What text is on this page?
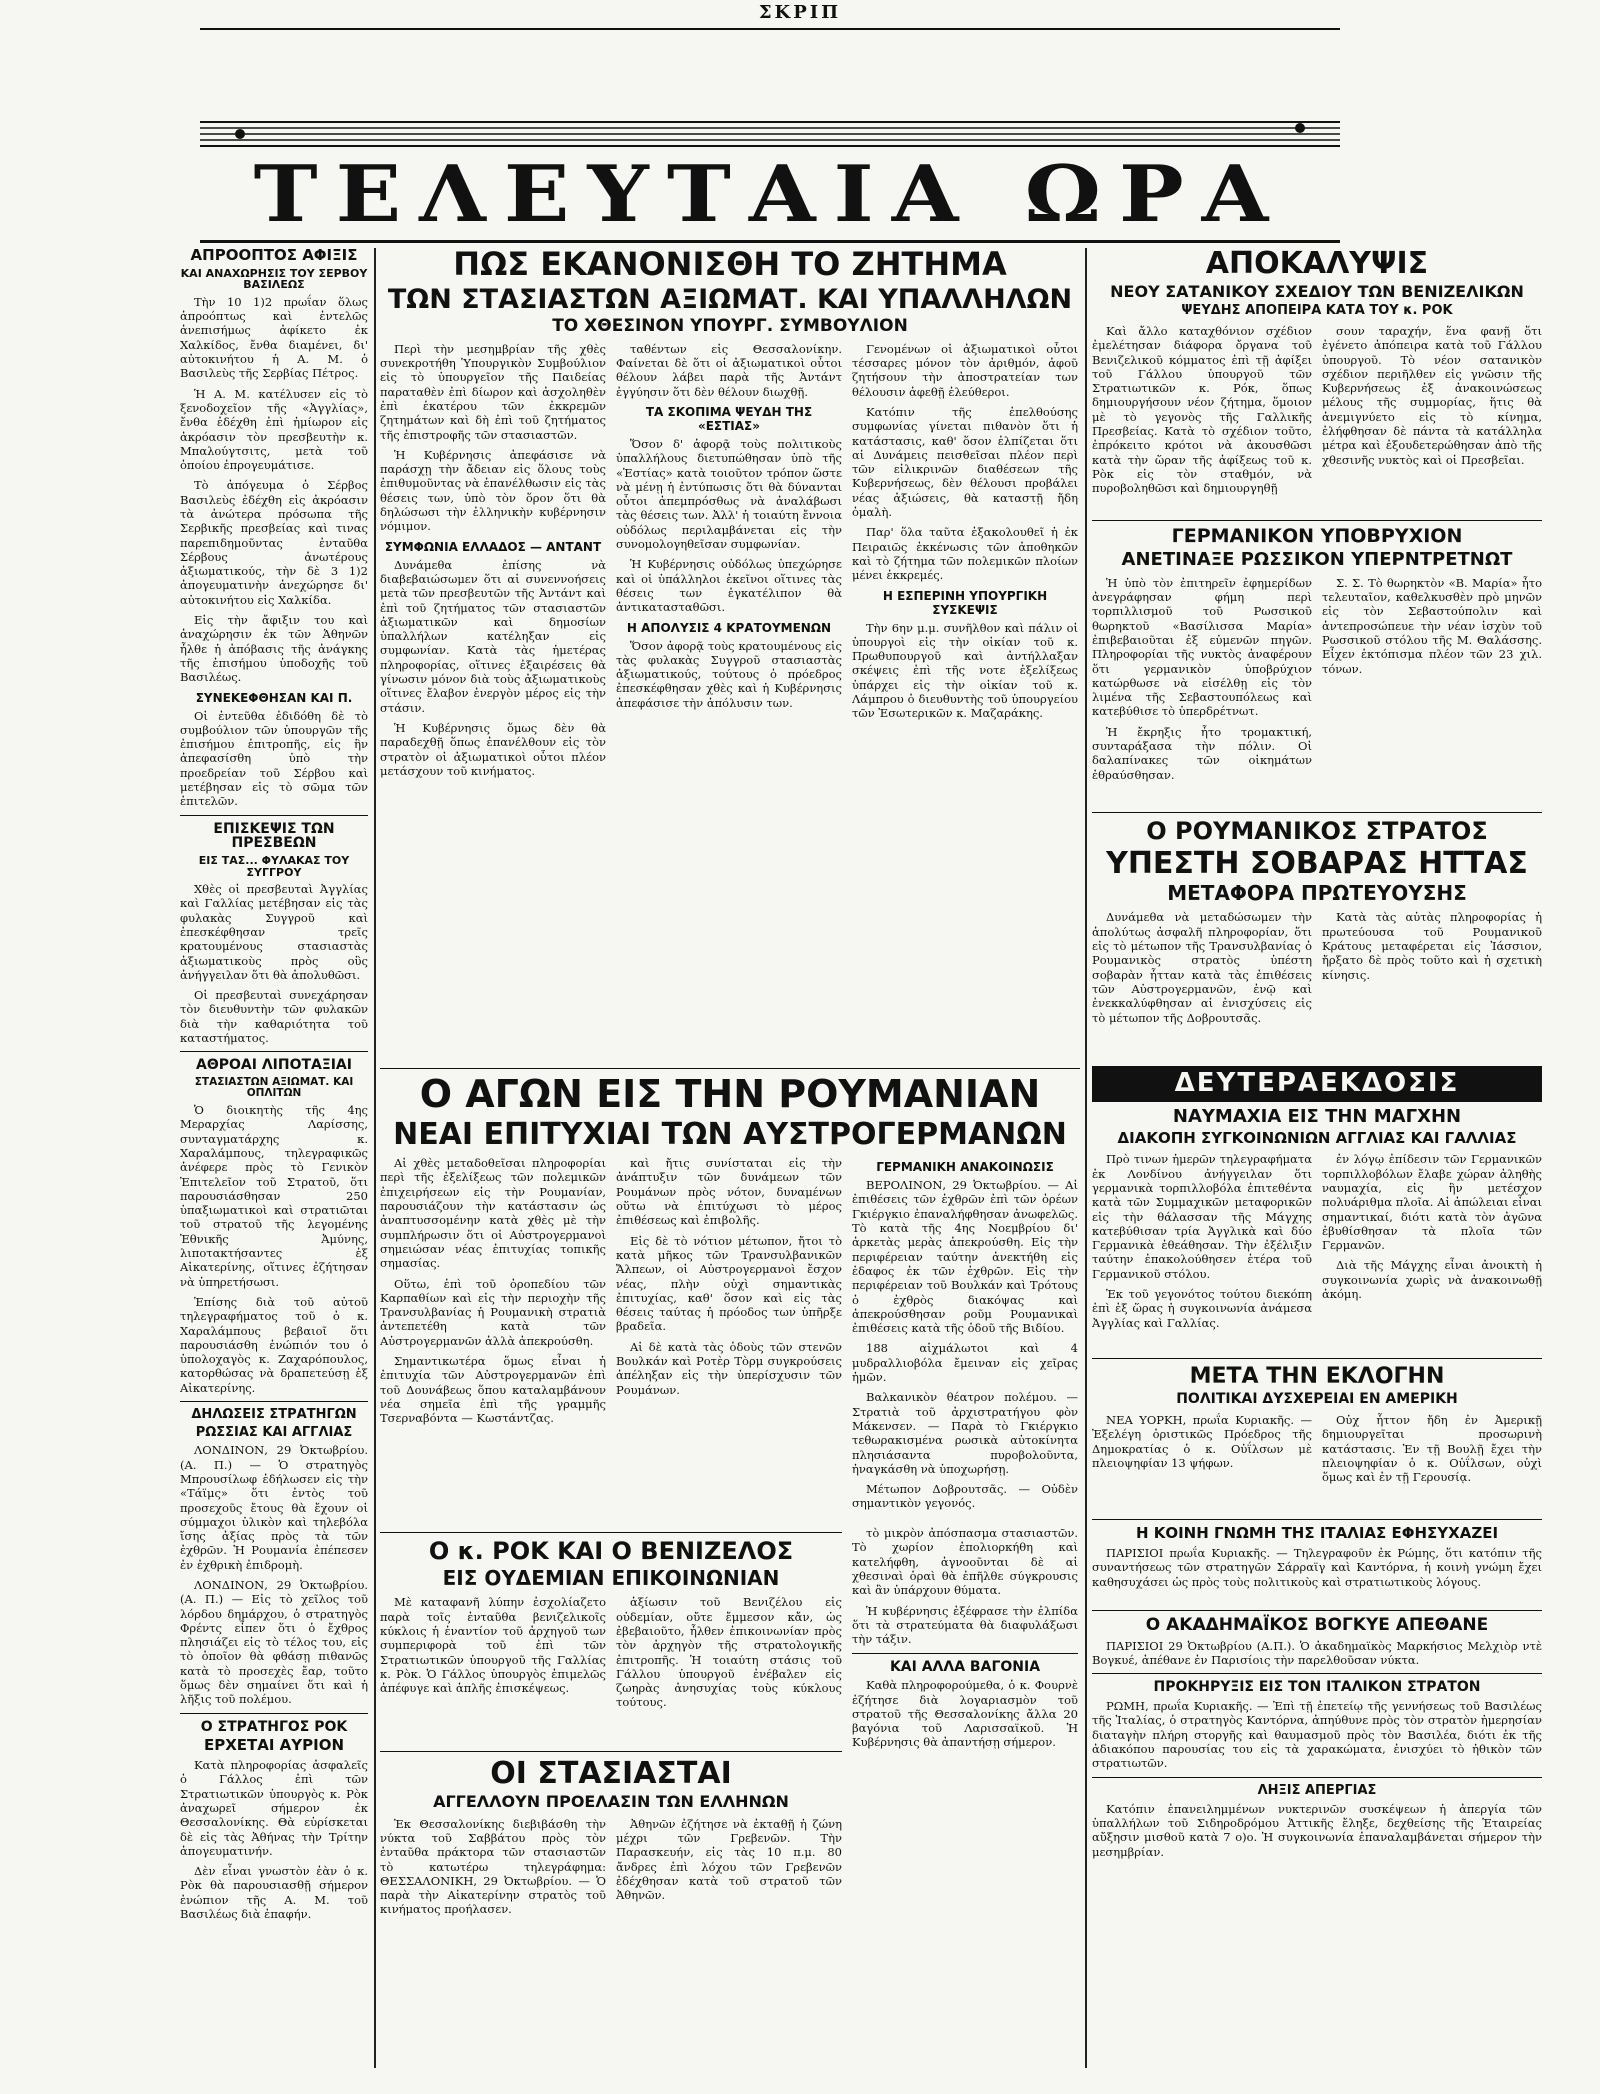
ΣΚΡΙΠ
ΤΕΛΕΥΤΑΙΑ ΩΡΑ
ΑΠΡΟΟΠΤΟΣ ΑΦΙΞΙΣ
ΚΑΙ ΑΝΑΧΩΡΗΣΙΣ ΤΟΥ ΣΕΡΒΟΥ ΒΑΣΙΛΕΩΣ

Τὴν 10 1)2 πρωΐαν ὅλως ἀπροόπτως καὶ ἐντελῶς ἀνεπισήμως ἀφίκετο ἐκ Χαλκίδος, ἔνθα διαμένει, δι' αὐτοκινήτου ἡ Α. Μ. ὁ Βασιλεὺς τῆς Σερβίας Πέτρος.

Ἡ Α. Μ. κατέλυσεν εἰς τὸ ξενοδοχεῖον τῆς «Ἀγγλίας», ἔνθα ἐδέχθη ἐπὶ ἡμίωρον εἰς ἀκρόασιν τὸν πρεσβευτὴν κ. Μπαλούγτσιτς, μετὰ τοῦ ὁποίου ἐπρογευμάτισε.

Τὸ ἀπόγευμα ὁ Σέρβος Βασιλεὺς ἐδέχθη εἰς ἀκρόασιν τὰ ἀνώτερα πρόσωπα τῆς Σερβικῆς πρεσβείας καὶ τινας παρεπιδημοῦντας ἐνταῦθα Σέρβους ἀνωτέρους ἀξιωματικούς, τὴν δὲ 3 1)2 ἀπογευματινὴν ἀνεχώρησε δι' αὐτοκινήτου εἰς Χαλκίδα.

Εἰς τὴν ἄφιξιν του καὶ ἀναχώρησιν ἐκ τῶν Ἀθηνῶν ἦλθε ἡ ἀπόβασις τῆς ἀνάγκης τῆς ἐπισήμου ὑποδοχῆς τοῦ Βασιλέως.

ΣΥΝΕΚΕΦΘΗΣΑΝ ΚΑΙ Π.

Οἱ ἐντεῦθα ἐδιδόθη δὲ τὸ συμβούλιον τῶν ὑπουργῶν τῆς ἐπισήμου ἐπιτροπῆς, εἰς ἣν ἀπεφασίσθη ὑπὸ τὴν προεδρείαν τοῦ Σέρβου καὶ μετέβησαν εἰς τὸ σῶμα τῶν ἐπιτελῶν.

ΕΠΙΣΚΕΨΙΣ ΤΩΝ ΠΡΕΣΒΕΩΝ
ΕΙΣ ΤΑΣ... ΦΥΛΑΚΑΣ ΤΟΥ ΣΥΓΓΡΟΥ

Χθὲς οἱ πρεσβευταὶ Ἀγγλίας καὶ Γαλλίας μετέβησαν εἰς τὰς φυλακὰς Συγγροῦ καὶ ἐπεσκέφθησαν τρεῖς κρατουμένους στασιαστὰς ἀξιωματικοὺς πρὸς οὓς ἀνήγγειλαν ὅτι θὰ ἀπολυθῶσι.

Οἱ πρεσβευταὶ συνεχάρησαν τὸν διευθυντὴν τῶν φυλακῶν διὰ τὴν καθαριότητα τοῦ καταστήματος.

ΑΘΡΟΑΙ ΛΙΠΟΤΑΞΙΑΙ
ΣΤΑΣΙΑΣΤΩΝ ΑΞΙΩΜΑΤ. ΚΑΙ ΟΠΛΙΤΩΝ

Ὁ διοικητὴς τῆς 4ης Μεραρχίας Λαρίσσης, συνταγματάρχης κ. Χαραλάμπους, τηλεγραφικῶς ἀνέφερε πρὸς τὸ Γενικὸν Ἐπιτελεῖον τοῦ Στρατοῦ, ὅτι παρουσιάσθησαν 250 ὑπαξιωματικοὶ καὶ στρατιῶται τοῦ στρατοῦ τῆς λεγομένης Ἐθνικῆς Ἀμύνης, λιποτακτήσαντες ἐξ Αἰκατερίνης, οἵτινες ἐζήτησαν νὰ ὑπηρετήσωσι.

Ἐπίσης διὰ τοῦ αὐτοῦ τηλεγραφήματος τοῦ ὁ κ. Χαραλάμπους βεβαιοῖ ὅτι παρουσιάσθη ἐνώπιόν του ὁ ὑπολοχαγὸς κ. Ζαχαρόπουλος, κατορθώσας νὰ δραπετεύσῃ ἐξ Αἰκατερίνης.

ΔΗΛΩΣΕΙΣ ΣΤΡΑΤΗΓΩΝ
ΡΩΣΣΙΑΣ ΚΑΙ ΑΓΓΛΙΑΣ

ΛΟΝΔΙΝΟΝ, 29 Ὀκτωβρίου. (Α. Π.) — Ὁ στρατηγὸς Μπρουσίλωφ ἐδήλωσεν εἰς τὴν «Τάϊμς» ὅτι ἐντὸς τοῦ προσεχοῦς ἔτους θὰ ἔχουν οἱ σύμμαχοι ὑλικὸν καὶ τηλεβόλα ἴσης ἀξίας πρὸς τὰ τῶν ἐχθρῶν. Ἡ Ρουμανία ἐπέπεσεν ἐν ἐχθρικὴ ἐπιδρομὴ.

ΛΟΝΔΙΝΟΝ, 29 Ὀκτωβρίου. (Α. Π.) — Εἰς τὸ χεῖλος τοῦ λόρδου δημάρχου, ὁ στρατηγὸς Φρέντς εἶπεν ὅτι ὁ ἔχθρος πλησιάζει εἰς τὸ τέλος του, εἰς τὸ ὁποῖον θὰ φθάσῃ πιθανῶς κατὰ τὸ προσεχὲς ἔαρ, τοῦτο ὅμως δὲν σημαίνει ὅτι καὶ ἡ λῆξις τοῦ πολέμου.

Ο ΣΤΡΑΤΗΓΟΣ ΡΟΚ
ΕΡΧΕΤΑΙ ΑΥΡΙΟΝ

Κατὰ πληροφορίας ἀσφαλεῖς ὁ Γάλλος ἐπὶ τῶν Στρατιωτικῶν ὑπουργὸς κ. Ρὸκ ἀναχωρεῖ σήμερον ἐκ Θεσσαλονίκης. Θὰ εὑρίσκεται δὲ εἰς τὰς Ἀθήνας τὴν Τρίτην ἀπογευματινήν.

Δὲν εἶναι γνωστὸν ἐὰν ὁ κ. Ρὸκ θὰ παρουσιασθῇ σήμερον ἐνώπιον τῆς Α. Μ. τοῦ Βασιλέως διὰ ἐπαφήν.

ΠΩΣ ΕΚΑΝΟΝΙΣΘΗ ΤΟ ΖΗΤΗΜΑ
ΤΩΝ ΣΤΑΣΙΑΣΤΩΝ ΑΞΙΩΜΑΤ. ΚΑΙ ΥΠΑΛΛΗΛΩΝ
ΤΟ ΧΘΕΣΙΝΟΝ ΥΠΟΥΡΓ. ΣΥΜΒΟΥΛΙΟΝ

Περὶ τὴν μεσημβρίαν τῆς χθὲς συνεκροτήθη Ὑπουργικὸν Συμβούλιον εἰς τὸ ὑπουργεῖον τῆς Παιδείας παραταθὲν ἐπὶ δίωρον καὶ ἀσχοληθὲν ἐπὶ ἑκατέρου τῶν ἐκκρεμῶν ζητημάτων καὶ δὴ ἐπὶ τοῦ ζητήματος τῆς ἐπιστροφῆς τῶν στασιαστῶν.

Ἡ Κυβέρνησις ἀπεφάσισε νὰ παράσχῃ τὴν ἄδειαν εἰς ὅλους τοὺς ἐπιθυμοῦντας νὰ ἐπανέλθωσιν εἰς τὰς θέσεις των, ὑπὸ τὸν ὅρον ὅτι θὰ δηλώσωσι τὴν ἐλληνικὴν κυβέρνησιν νόμιμον.

ΣΥΜΦΩΝΙΑ ΕΛΛΑΔΟΣ — ΑΝΤΑΝΤ

Δυνάμεθα ἐπίσης νὰ διαβεβαιώσωμεν ὅτι αἱ συνεννοήσεις μετὰ τῶν πρεσβευτῶν τῆς Ἀντάντ καὶ ἐπὶ τοῦ ζητήματος τῶν στασιαστῶν ἀξιωματικῶν καὶ δημοσίων ὑπαλλήλων κατέληξαν εἰς συμφωνίαν. Κατὰ τὰς ἡμετέρας πληροφορίας, οἵτινες ἐξαιρέσεις θὰ γίνωσιν μόνον διὰ τοὺς ἀξιωματικοὺς οἵτινες ἔλαβον ἐνεργὸν μέρος εἰς τὴν στάσιν.

Ἡ Κυβέρνησις ὅμως δὲν θὰ παραδεχθῇ ὅπως ἐπανέλθουν εἰς τὸν στρατὸν οἱ ἀξιωματικοὶ οὗτοι πλέον μετάσχουν τοῦ κινήματος.

ταθέντων εἰς Θεσσαλονίκην. Φαίνεται δὲ ὅτι οἱ ἀξιωματικοὶ οὗτοι θέλουν λάβει παρὰ τῆς Ἀντάντ ἐγγύησιν ὅτι δὲν θέλουν διωχθῇ.

ΤΑ ΣΚΟΠΙΜΑ ΨΕΥΔΗ ΤΗΣ «ΕΣΤΙΑΣ»

Ὅσον δ' ἀφορᾷ τοὺς πολιτικοὺς ὑπαλλήλους διετυπώθησαν ὑπὸ τῆς «Ἑστίας» κατὰ τοιοῦτον τρόπον ὥστε νὰ μένῃ ἡ ἐντύπωσις ὅτι θὰ δύνανται οὗτοι ἀπεμπρόσθως νὰ ἀναλάβωσι τὰς θέσεις των. Ἀλλ' ἡ τοιαύτη ἔννοια οὐδόλως περιλαμβάνεται εἰς τὴν συνομολογηθεῖσαν συμφωνίαν.

Ἡ Κυβέρνησις οὐδόλως ὑπεχώρησε καὶ οἱ ὑπάλληλοι ἐκεῖνοι οἵτινες τὰς θέσεις των ἐγκατέλιπον θὰ ἀντικατασταθῶσι.

Η ΑΠΟΛΥΣΙΣ 4 ΚΡΑΤΟΥΜΕΝΩΝ

Ὅσον ἀφορᾷ τοὺς κρατουμένους εἰς τὰς φυλακὰς Συγγροῦ στασιαστὰς ἀξιωματικούς, τούτους ὁ πρόεδρος ἐπεσκέφθησαν χθὲς καὶ ἡ Κυβέρνησις ἀπεφάσισε τὴν ἀπόλυσιν των.

Γενομένων οἱ ἀξιωματικοὶ οὗτοι τέσσαρες μόνον τὸν ἀριθμόν, ἀφοῦ ζητήσουν τὴν ἀποστρατείαν των θέλουσιν ἀφεθῇ ἐλεύθεροι.

Κατόπιν τῆς ἐπελθούσης συμφωνίας γίνεται πιθανὸν ὅτι ἡ κατάστασις, καθ' ὅσον ἐλπίζεται ὅτι αἱ Δυνάμεις πεισθεῖσαι πλέον περὶ τῶν εἰλικρινῶν διαθέσεων τῆς Κυβερνήσεως, δὲν θέλουσι προβάλει νέας ἀξιώσεις, θὰ καταστῇ ἤδη ὁμαλὴ.

Παρ' ὅλα ταῦτα ἐξακολουθεῖ ἡ ἐκ Πειραιῶς ἐκκένωσις τῶν ἀποθηκῶν καὶ τὸ ζήτημα τῶν πολεμικῶν πλοίων μένει ἐκκρεμές.

Η ΕΣΠΕΡΙΝΗ ΥΠΟΥΡΓΙΚΗ ΣΥΣΚΕΨΙΣ

Τὴν 6ην μ.μ. συνῆλθον καὶ πάλιν οἱ ὑπουργοὶ εἰς τὴν οἰκίαν τοῦ κ. Πρωθυπουργοῦ καὶ ἀντήλλαξαν σκέψεις ἐπὶ τῆς νοτε ἐξελίξεως ὑπάρχει εἰς τὴν οἰκίαν τοῦ κ. Λάμπρου ὁ διευθυντὴς τοῦ ὑπουργείου τῶν Ἐσωτερικῶν κ. Μαζαράκης.

Ο ΑΓΩΝ ΕΙΣ ΤΗΝ ΡΟΥΜΑΝΙΑΝ
ΝΕΑΙ ΕΠΙΤΥΧΙΑΙ ΤΩΝ ΑΥΣΤΡΟΓΕΡΜΑΝΩΝ

Αἱ χθὲς μεταδοθεῖσαι πληροφορίαι περὶ τῆς ἐξελίξεως τῶν πολεμικῶν ἐπιχειρήσεων εἰς τὴν Ρουμανίαν, παρουσιάζουν τὴν κατάστασιν ὡς ἀναπτυσσομένην κατὰ χθὲς μὲ τὴν συμπλήρωσιν ὅτι οἱ Αὐστρογερμανοὶ σημειώσαν νέας ἐπιτυχίας τοπικῆς σημασίας.

Οὕτω, ἐπὶ τοῦ ὀροπεδίου τῶν Καρπαθίων καὶ εἰς τὴν περιοχὴν τῆς Τρανσυλβανίας ἡ Ρουμανικὴ στρατιὰ ἀντεπετέθη κατὰ τῶν Αὐστρογερμανῶν ἀλλὰ ἀπεκρούσθη.

Σημαντικωτέρα ὅμως εἶναι ἡ ἐπιτυχία τῶν Αὐστρογερμανῶν ἐπὶ τοῦ Δουνάβεως ὅπου καταλαμβάνουν νέα σημεῖα ἐπὶ τῆς γραμμῆς Τσερναβόντα — Κωστάντζας.

καὶ ἤτις συνίσταται εἰς τὴν ἀνάπτυξιν τῶν δυνάμεων τῶν Ρουμάνων πρὸς νότον, δυναμένων οὕτω νὰ ἐπιτύχωσι τὸ μέρος ἐπιθέσεως καὶ ἐπιβολῆς.

Εἰς δὲ τὸ νότιον μέτωπον, ἤτοι τὸ κατὰ μῆκος τῶν Τρανσυλβανικῶν Ἄλπεων, οἱ Αὐστρογερμανοὶ ἔσχον νέας, πλὴν οὐχὶ σημαντικὰς ἐπιτυχίας, καθ' ὅσον καὶ εἰς τὰς θέσεις ταύτας ἡ πρόοδος των ὑπῆρξε βραδεῖα.

Αἱ δὲ κατὰ τὰς ὁδοὺς τῶν στενῶν Βουλκάν καὶ Ροτὲρ Τὸρμ συγκρούσεις ἀπέληξαν εἰς τὴν ὑπερίσχυσιν τῶν Ρουμάνων.

ΓΕΡΜΑΝΙΚΗ ΑΝΑΚΟΙΝΩΣΙΣ

ΒΕΡΟΛΙΝΟΝ, 29 Ὀκτωβρίου. — Αἱ ἐπιθέσεις τῶν ἐχθρῶν ἐπὶ τῶν ὀρέων Γκιέργκιο ἐπαναλήφθησαν ἀνωφελῶς. Τὸ κατὰ τῆς 4ης Νοεμβρίου δι' ἀρκετὰς μερὰς ἀπεκρούσθη. Εἰς τὴν περιφέρειαν ταύτην ἀνεκτήθη εἰς ἐδαφος ἐκ τῶν ἐχθρῶν. Εἰς τὴν περιφέρειαν τοῦ Βουλκάν καὶ Τρότους ὁ ἐχθρὸς διακόψας καὶ ἀπεκρούσθησαν ροῦμ Ρουμανικαὶ ἐπιθέσεις κατὰ τῆς ὁδοῦ τῆς Βιδίου.

188 αἰχμάλωτοι καὶ 4 μυδραλλιοβόλα ἔμειναν εἰς χεῖρας ἡμῶν.

Βαλκανικὸν θέατρον πολέμου. — Στρατιὰ τοῦ ἀρχιστρατήγου φὸν Μάκενσεν. — Παρὰ τὸ Γκιέργκιο τεθωρακισμένα ρωσικὰ αὐτοκίνητα πλησιάσαντα πυροβολοῦντα, ἠναγκάσθη νὰ ὑποχωρήσῃ.

Μέτωπον Δοβρουτσᾶς. — Οὐδὲν σημαντικὸν γεγονός.

Ο κ. ΡΟΚ ΚΑΙ Ο ΒΕΝΙΖΕΛΟΣ
ΕΙΣ ΟΥΔΕΜΙΑΝ ΕΠΙΚΟΙΝΩΝΙΑΝ

Μὲ καταφανῆ λύπην ἐσχολίαζετο παρὰ τοῖς ἐνταῦθα βενιζελικοῖς κύκλοις ἡ ἐναντίον τοῦ ἀρχηγοῦ των συμπεριφορὰ τοῦ ἐπὶ τῶν Στρατιωτικῶν ὑπουργοῦ τῆς Γαλλίας κ. Ρὸκ. Ὁ Γάλλος ὑπουργὸς ἐπιμελῶς ἀπέφυγε καὶ ἁπλῆς ἐπισκέψεως.

ἀξίωσιν τοῦ Βενιζέλου εἰς οὐδεμίαν, οὔτε ἔμμεσον κἄν, ὡς ἐβεβαιοῦτο, ἦλθεν ἐπικοινωνίαν πρὸς τὸν ἀρχηγὸν τῆς στρατολογικῆς ἐπιτροπῆς. Ἡ τοιαύτη στάσις τοῦ Γάλλου ὑπουργοῦ ἐνέβαλεν εἰς ζωηρὰς ἀνησυχίας τοὺς κύκλους τούτους.

ΟΙ ΣΤΑΣΙΑΣΤΑΙ
ΑΓΓΕΛΛΟΥΝ ΠΡΟΕΛΑΣΙΝ ΤΩΝ ΕΛΛΗΝΩΝ

Ἐκ Θεσσαλονίκης διεβιβάσθη τὴν νύκτα τοῦ Σαββάτου πρὸς τὸν ἐνταῦθα πράκτορα τῶν στασιαστῶν τὸ κατωτέρω τηλεγράφημα: ΘΕΣΣΑΛΟΝΙΚΗ, 29 Ὀκτωβρίου. — Ὁ παρὰ τὴν Αἰκατερίνην στρατὸς τοῦ κινήματος προήλασεν.

Ἀθηνῶν ἐζήτησε νὰ ἐκταθῇ ἡ ζώνη μέχρι τῶν Γρεβενῶν. Τὴν Παρασκευήν, εἰς τὰς 10 π.μ. 80 ἄνδρες ἐπὶ λόχου τῶν Γρεβενῶν ἐδέχθησαν κατὰ τοῦ στρατοῦ τῶν Ἀθηνῶν.

τὸ μικρὸν ἀπόσπασμα στασιαστῶν. Τὸ χωρίον ἐπολιορκήθη καὶ κατελήφθη, ἀγνοοῦνται δὲ αἱ χθεσιναὶ ὁραὶ θὰ ἐπῆλθε σύγκρουσις καὶ ἂν ὑπάρχουν θύματα.

Ἡ κυβέρνησις ἐξέφρασε τὴν ἐλπίδα ὅτι τὰ στρατεύματα θὰ διαφυλάξωσι τὴν τάξιν.

ΚΑΙ ΑΛΛΑ ΒΑΓΟΝΙΑ

Καθὰ πληροφορούμεθα, ὁ κ. Φουρνὲ ἐζήτησε διὰ λογαριασμὸν τοῦ στρατοῦ τῆς Θεσσαλονίκης ἄλλα 20 βαγόνια τοῦ Λαρισσαϊκοῦ. Ἡ Κυβέρνησις θὰ ἀπαντήσῃ σήμερον.

ΑΠΟΚΑΛΥΨΙΣ
ΝΕΟΥ ΣΑΤΑΝΙΚΟΥ ΣΧΕΔΙΟΥ ΤΩΝ ΒΕΝΙΖΕΛΙΚΩΝ
ΨΕΥΔΗΣ ΑΠΟΠΕΙΡΑ ΚΑΤΑ ΤΟΥ κ. ΡΟΚ

Καὶ ἄλλο καταχθόνιον σχέδιον ἐμελέτησαν διάφορα ὄργανα τοῦ Βενιζελικοῦ κόμματος ἐπὶ τῇ ἀφίξει τοῦ Γάλλου ὑπουργοῦ τῶν Στρατιωτικῶν κ. Ρόκ, ὅπως δημιουργήσουν νέον ζήτημα, ὅμοιον μὲ τὸ γεγονὸς τῆς Γαλλικῆς Πρεσβείας. Κατὰ τὸ σχέδιον τοῦτο, ἐπρόκειτο κρότοι νὰ ἀκουσθῶσι κατὰ τὴν ὥραν τῆς ἀφίξεως τοῦ κ. Ρὸκ εἰς τὸν σταθμόν, νὰ πυροβοληθῶσι καὶ δημιουργηθῇ

σουν ταραχήν, ἕνα φανῇ ὅτι ἐγένετο ἀπόπειρα κατὰ τοῦ Γάλλου ὑπουργοῦ. Τὸ νέον σατανικὸν σχέδιον περιῆλθεν εἰς γνῶσιν τῆς Κυβερνήσεως ἐξ ἀνακοινώσεως μέλους τῆς συμμορίας, ἥτις θὰ ἀνεμιγνύετο εἰς τὸ κίνημα, ἐλήφθησαν δὲ πάντα τὰ κατάλληλα μέτρα καὶ ἐξουδετερώθησαν ἀπὸ τῆς χθεσινῆς νυκτὸς καὶ οἱ Πρεσβεῖαι.

ΓΕΡΜΑΝΙΚΟΝ ΥΠΟΒΡΥΧΙΟΝ
ΑΝΕΤΙΝΑΞΕ ΡΩΣΣΙΚΟΝ ΥΠΕΡΝΤΡΕΤΝΩΤ

Ἡ ὑπὸ τὸν ἐπιτηρεῖν ἐφημερίδων ἀνεγράφησαν φήμη περὶ τορπιλλισμοῦ τοῦ Ρωσσικοῦ θωρηκτοῦ «Βασίλισσα Μαρία» ἐπιβεβαιοῦται ἐξ εὐμενῶν πηγῶν. Πληροφορίαι τῆς νυκτὸς ἀναφέρουν ὅτι γερμανικὸν ὑποβρύχιον κατώρθωσε νὰ εἰσέλθῃ εἰς τὸν λιμένα τῆς Σεβαστουπόλεως καὶ κατεβύθισε τὸ ὑπερδρέτνωτ.

Ἡ ἔκρηξις ἦτο τρομακτική, συνταράξασα τὴν πόλιν. Οἱ δαλαπίνακες τῶν οἰκημάτων ἐθραύσθησαν.

Σ. Σ. Τὸ θωρηκτὸν «Β. Μαρία» ἦτο τελευταῖον, καθελκυσθὲν πρὸ μηνῶν εἰς τὸν Σεβαστούπολιν καὶ ἀντεπροσώπευε τὴν νέαν ἰσχὺν τοῦ Ρωσσικοῦ στόλου τῆς Μ. Θαλάσσης. Εἶχεν ἐκτόπισμα πλέον τῶν 23 χιλ. τόνων.

Ο ΡΟΥΜΑΝΙΚΟΣ ΣΤΡΑΤΟΣ
ΥΠΕΣΤΗ ΣΟΒΑΡΑΣ ΗΤΤΑΣ
ΜΕΤΑΦΟΡΑ ΠΡΩΤΕΥΟΥΣΗΣ

Δυνάμεθα νὰ μεταδώσωμεν τὴν ἀπολύτως ἀσφαλῆ πληροφορίαν, ὅτι εἰς τὸ μέτωπον τῆς Τρανσυλβανίας ὁ Ρουμανικὸς στρατὸς ὑπέστη σοβαρὰν ἧτταν κατὰ τὰς ἐπιθέσεις τῶν Αὐστρογερμανῶν, ἐνῷ καὶ ἐνεκκαλύφθησαν αἱ ἐνισχύσεις εἰς τὸ μέτωπον τῆς Δοβρουτσᾶς.

Κατὰ τὰς αὐτὰς πληροφορίας ἡ πρωτεύουσα τοῦ Ρουμανικοῦ Κράτους μεταφέρεται εἰς Ἰάσσιον, ἤρξατο δὲ πρὸς τοῦτο καὶ ἡ σχετικὴ κίνησις.

ΔΕΥΤΕΡΑΕΚΔΟΣΙΣ
ΝΑΥΜΑΧΙΑ ΕΙΣ ΤΗΝ ΜΑΓΧΗΝ
ΔΙΑΚΟΠΗ ΣΥΓΚΟΙΝΩΝΙΩΝ ΑΓΓΛΙΑΣ ΚΑΙ ΓΑΛΛΙΑΣ

Πρὸ τινων ἡμερῶν τηλεγραφήματα ἐκ Λονδίνου ἀνήγγειλαν ὅτι γερμανικὰ τορπιλλοβόλα ἐπιτεθέντα κατὰ τῶν Συμμαχικῶν μεταφορικῶν εἰς τὴν θάλασσαν τῆς Μάγχης κατεβύθισαν τρία Ἀγγλικὰ καὶ δύο Γερμανικὰ ἐθεάθησαν. Τὴν ἐξέλιξιν ταύτην ἐπακολούθησεν ἑτέρα τοῦ Γερμανικοῦ στόλου.

Ἐκ τοῦ γεγονότος τούτου διεκόπη ἐπὶ ἐξ ὥρας ἡ συγκοινωνία ἀνάμεσα Ἀγγλίας καὶ Γαλλίας.

ἐν λόγῳ ἐπίδεσιν τῶν Γερμανικῶν τορπιλλοβόλων ἔλαβε χώραν ἀληθὴς ναυμαχία, εἰς ἣν μετέσχον πολυάριθμα πλοῖα. Αἱ ἀπώλειαι εἶναι σημαντικαί, διότι κατὰ τὸν ἀγῶνα ἐβυθίσθησαν τὰ πλοῖα τῶν Γερμανῶν.

Διὰ τῆς Μάγχης εἶναι ἀνοικτὴ ἡ συγκοινωνία χωρὶς νὰ ἀνακοινωθῇ ἀκόμη.

ΜΕΤΑ ΤΗΝ ΕΚΛΟΓΗΝ
ΠΟΛΙΤΙΚΑΙ ΔΥΣΧΕΡΕΙΑΙ ΕΝ ΑΜΕΡΙΚΗ

ΝΕΑ ΥΟΡΚΗ, πρωΐα Κυριακῆς. — Ἐξελέγη ὁριστικῶς Πρόεδρος τῆς Δημοκρατίας ὁ κ. Οὐΐλσων μὲ πλειοψηφίαν 13 ψήφων.

Οὐχ ἧττον ἤδη ἐν Ἀμερικῇ δημιουργεῖται προσωρινὴ κατάστασις. Ἐν τῇ Βουλῇ ἔχει τὴν πλειοψηφίαν ὁ κ. Οὐΐλσων, οὐχὶ ὅμως καὶ ἐν τῇ Γερουσίᾳ.

Η ΚΟΙΝΗ ΓΝΩΜΗ ΤΗΣ ΙΤΑΛΙΑΣ ΕΦΗΣΥΧΑΖΕΙ

ΠΑΡΙΣΙΟΙ πρωΐα Κυριακῆς. — Τηλεγραφοῦν ἐκ Ρώμης, ὅτι κατόπιν τῆς συναντήσεως τῶν στρατηγῶν Σάρραϊγ καὶ Καντόρνα, ἡ κοινὴ γνώμη ἔχει καθησυχάσει ὡς πρὸς τοὺς πολιτικοὺς καὶ στρατιωτικοὺς λόγους.

Ο ΑΚΑΔΗΜΑΪΚΟΣ ΒΟΓΚΥΕ ΑΠΕΘΑΝΕ

ΠΑΡΙΣΙΟΙ 29 Ὀκτωβρίου (Α.Π.). Ὁ ἀκαδημαϊκὸς Μαρκήσιος Μελχιὸρ ντὲ Βογκυέ, ἀπέθανε ἐν Παρισίοις τὴν παρελθοῦσαν νύκτα.

ΠΡΟΚΗΡΥΞΙΣ ΕΙΣ ΤΟΝ ΙΤΑΛΙΚΟΝ ΣΤΡΑΤΟΝ

ΡΩΜΗ, πρωΐα Κυριακῆς. — Ἐπὶ τῇ ἐπετείῳ τῆς γεννήσεως τοῦ Βασιλέως τῆς Ἰταλίας, ὁ στρατηγὸς Καντόρνα, ἀπηύθυνε πρὸς τὸν στρατὸν ἡμερησίαν διαταγὴν πλήρη στοργῆς καὶ θαυμασμοῦ πρὸς τὸν Βασιλέα, διότι ἐκ τῆς ἀδιακόπου παρουσίας του εἰς τὰ χαρακώματα, ἐνισχύει τὸ ἠθικὸν τῶν στρατιωτῶν.

ΛΗΞΙΣ ΑΠΕΡΓΙΑΣ

Κατόπιν ἐπανειλημμένων νυκτερινῶν συσκέψεων ἡ ἀπεργία τῶν ὑπαλλήλων τοῦ Σιδηροδρόμου Ἀττικῆς ἔληξε, δεχθείσης τῆς Ἑταιρείας αὔξησιν μισθοῦ κατὰ 7 ο)ο. Ἡ συγκοινωνία ἐπαναλαμβάνεται σήμερον τὴν μεσημβρίαν.
